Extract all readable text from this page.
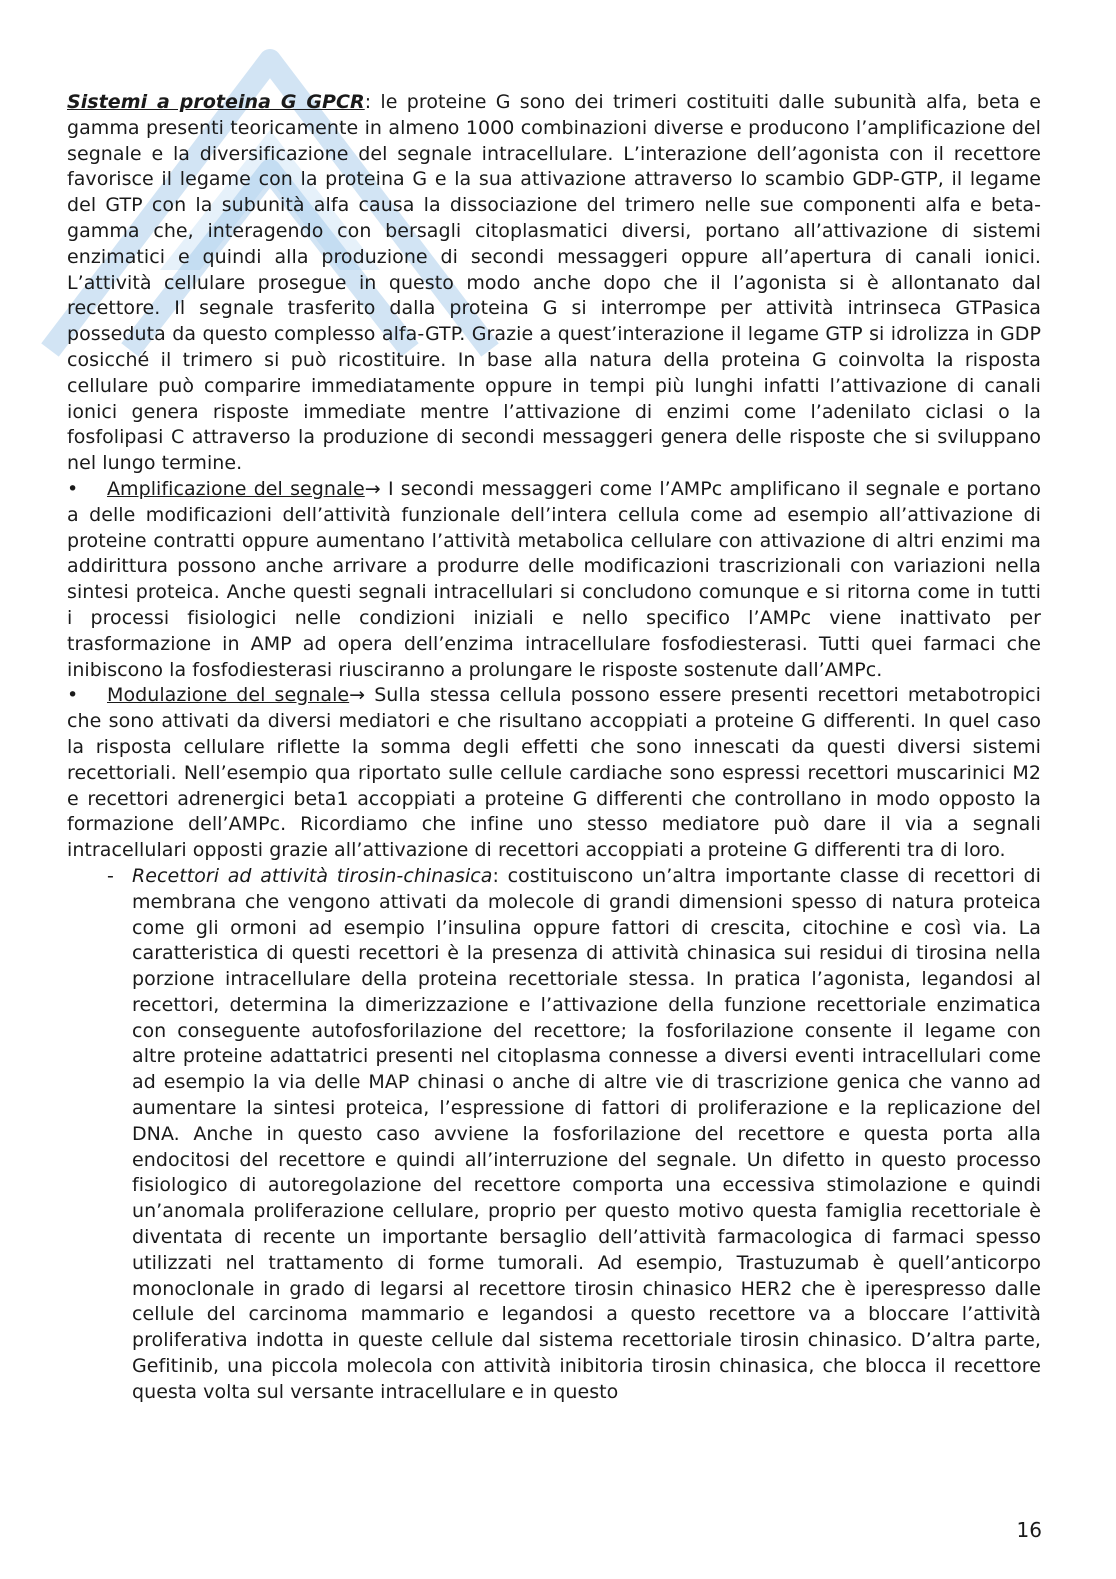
Sistemi a proteina G GPCR: le proteine G sono dei trimeri costituiti dalle subunità alfa, beta e gamma presenti teoricamente in almeno 1000 combinazioni diverse e producono l’amplificazione del segnale e la diversificazione del segnale intracellulare. L’interazione dell’agonista con il recettore favorisce il legame con la proteina G e la sua attivazione attraverso lo scambio GDP-GTP, il legame del GTP con la subunità alfa causa la dissociazione del trimero nelle sue componenti alfa e beta-gamma che, interagendo con bersagli citoplasmatici diversi, portano all’attivazione di sistemi enzimatici e quindi alla produzione di secondi messaggeri oppure all’apertura di canali ionici. L’attività cellulare prosegue in questo modo anche dopo che il l’agonista si è allontanato dal recettore. Il segnale trasferito dalla proteina G si interrompe per attività intrinseca GTPasica posseduta da questo complesso alfa-GTP. Grazie a quest’interazione il legame GTP si idrolizza in GDP cosicché il trimero si può ricostituire. In base alla natura della proteina G coinvolta la risposta cellulare può comparire immediatamente oppure in tempi più lunghi infatti l’attivazione di canali ionici genera risposte immediate mentre l’attivazione di enzimi come l’adenilato ciclasi o la fosfolipasi C attraverso la produzione di secondi messaggeri genera delle risposte che si sviluppano nel lungo termine.

• Amplificazione del segnale→ I secondi messaggeri come l’AMPc amplificano il segnale e portano a delle modificazioni dell’attività funzionale dell’intera cellula come ad esempio all’attivazione di proteine contratti oppure aumentano l’attività metabolica cellulare con attivazione di altri enzimi ma addirittura possono anche arrivare a produrre delle modificazioni trascrizionali con variazioni nella sintesi proteica. Anche questi segnali intracellulari si concludono comunque e si ritorna come in tutti i processi fisiologici nelle condizioni iniziali e nello specifico l’AMPc viene inattivato per trasformazione in AMP ad opera dell’enzima intracellulare fosfodiesterasi. Tutti quei farmaci che inibiscono la fosfodiesterasi riusciranno a prolungare le risposte sostenute dall’AMPc.

• Modulazione del segnale→ Sulla stessa cellula possono essere presenti recettori metabotropici che sono attivati da diversi mediatori e che risultano accoppiati a proteine G differenti. In quel caso la risposta cellulare riflette la somma degli effetti che sono innescati da questi diversi sistemi recettoriali. Nell’esempio qua riportato sulle cellule cardiache sono espressi recettori muscarinici M2 e recettori adrenergici beta1 accoppiati a proteine G differenti che controllano in modo opposto la formazione dell’AMPc. Ricordiamo che infine uno stesso mediatore può dare il via a segnali intracellulari opposti grazie all’attivazione di recettori accoppiati a proteine G differenti tra di loro.

- Recettori ad attività tirosin-chinasica: costituiscono un’altra importante classe di recettori di membrana che vengono attivati da molecole di grandi dimensioni spesso di natura proteica come gli ormoni ad esempio l’insulina oppure fattori di crescita, citochine e così via. La caratteristica di questi recettori è la presenza di attività chinasica sui residui di tirosina nella porzione intracellulare della proteina recettoriale stessa. In pratica l’agonista, legandosi al recettori, determina la dimerizzazione e l’attivazione della funzione recettoriale enzimatica con conseguente autofosforilazione del recettore; la fosforilazione consente il legame con altre proteine adattatrici presenti nel citoplasma connesse a diversi eventi intracellulari come ad esempio la via delle MAP chinasi o anche di altre vie di trascrizione genica che vanno ad aumentare la sintesi proteica, l’espressione di fattori di proliferazione e la replicazione del DNA. Anche in questo caso avviene la fosforilazione del recettore e questa porta alla endocitosi del recettore e quindi all’interruzione del segnale. Un difetto in questo processo fisiologico di autoregolazione del recettore comporta una eccessiva stimolazione e quindi un’anomala proliferazione cellulare, proprio per questo motivo questa famiglia recettoriale è diventata di recente un importante bersaglio dell’attività farmacologica di farmaci spesso utilizzati nel trattamento di forme tumorali. Ad esempio, Trastuzumab è quell’anticorpo monoclonale in grado di legarsi al recettore tirosin chinasico HER2 che è iperespresso dalle cellule del carcinoma mammario e legandosi a questo recettore va a bloccare l’attività proliferativa indotta in queste cellule dal sistema recettoriale tirosin chinasico. D’altra parte, Gefitinib, una piccola molecola con attività inibitoria tirosin chinasica, che blocca il recettore questa volta sul versante intracellulare e in questo

16
